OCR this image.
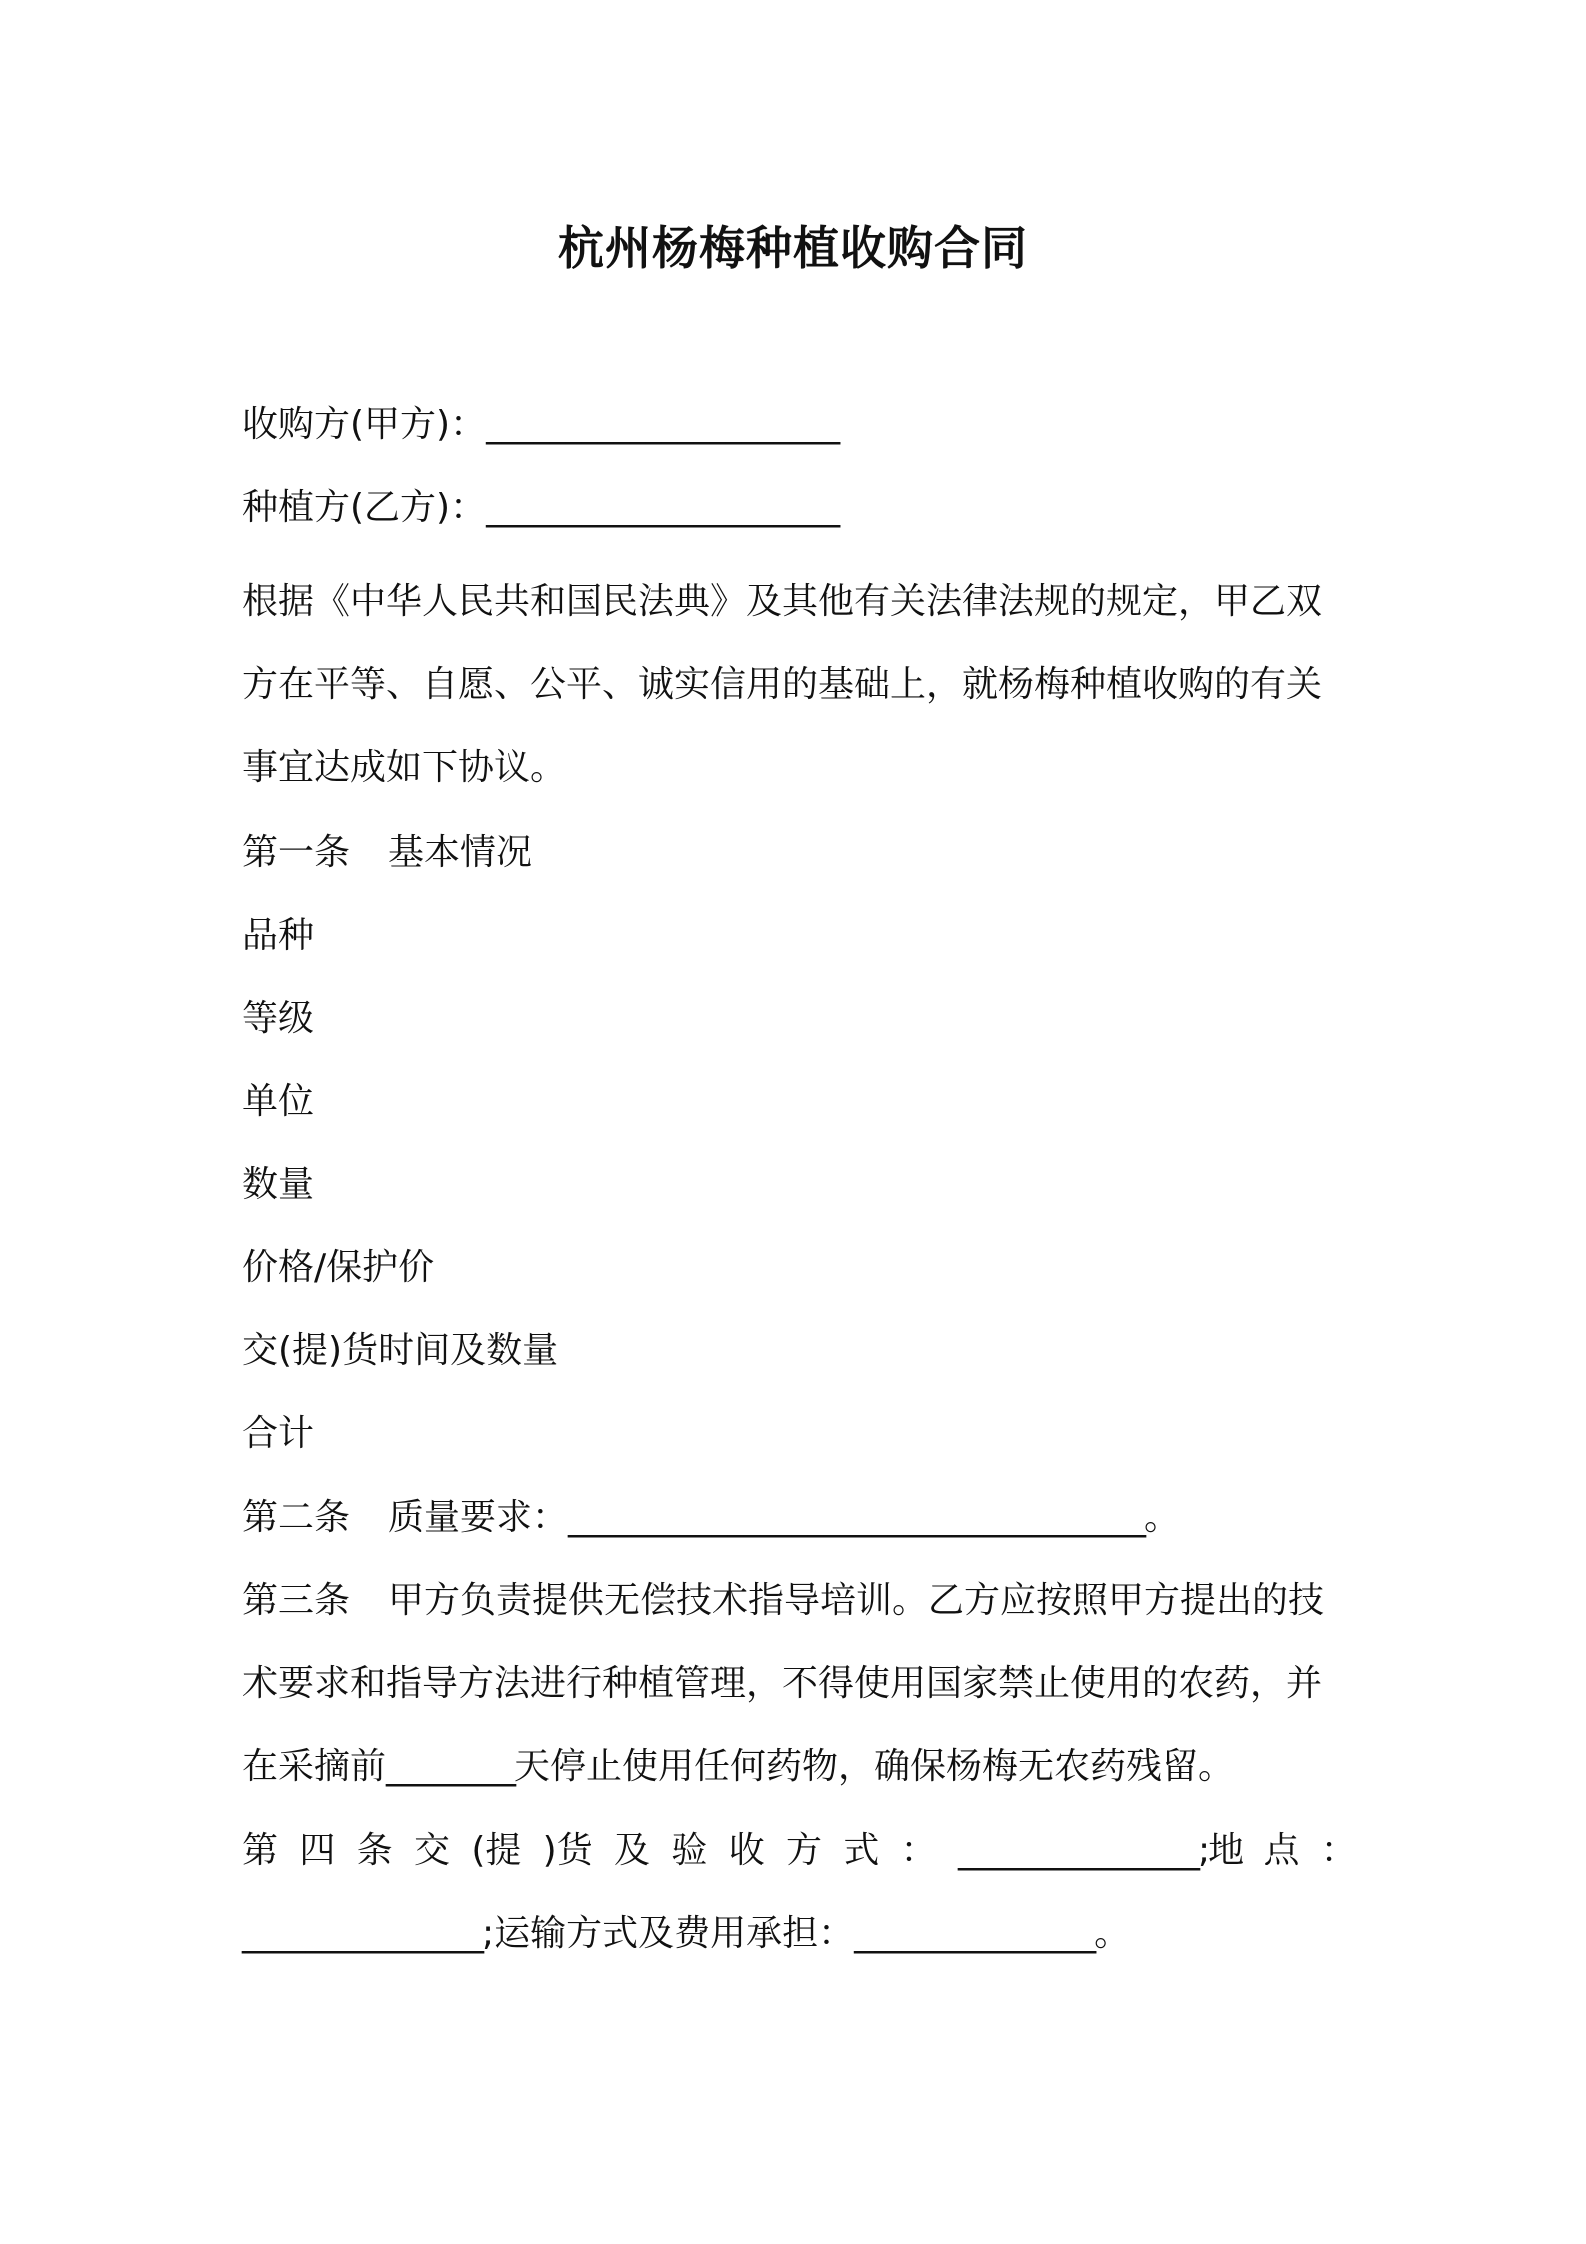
杭州杨梅种植收购合同
收购方(甲方)：______________________
种植方(乙方)：______________________
根据《中华人民共和国民法典》及其他有关法律法规的规定，甲乙双
方在平等、自愿、公平、诚实信用的基础上，就杨梅种植收购的有关
事宜达成如下协议。
第一条 基本情况
品种
等级
单位
数量
价格/保护价
交(提)货时间及数量
合计
第二条 质量要求：____________________________________。
第三条 甲方负责提供无偿技术指导培训。乙方应按照甲方提出的技
术要求和指导方法进行种植管理，不得使用国家禁止使用的农药，并
在采摘前________天停止使用任何药物，确保杨梅无农药残留。
第 四 条 交 (提 )货 及 验 收 方 式 ： _______________;地 点 ：
_______________;运输方式及费用承担：_______________。
